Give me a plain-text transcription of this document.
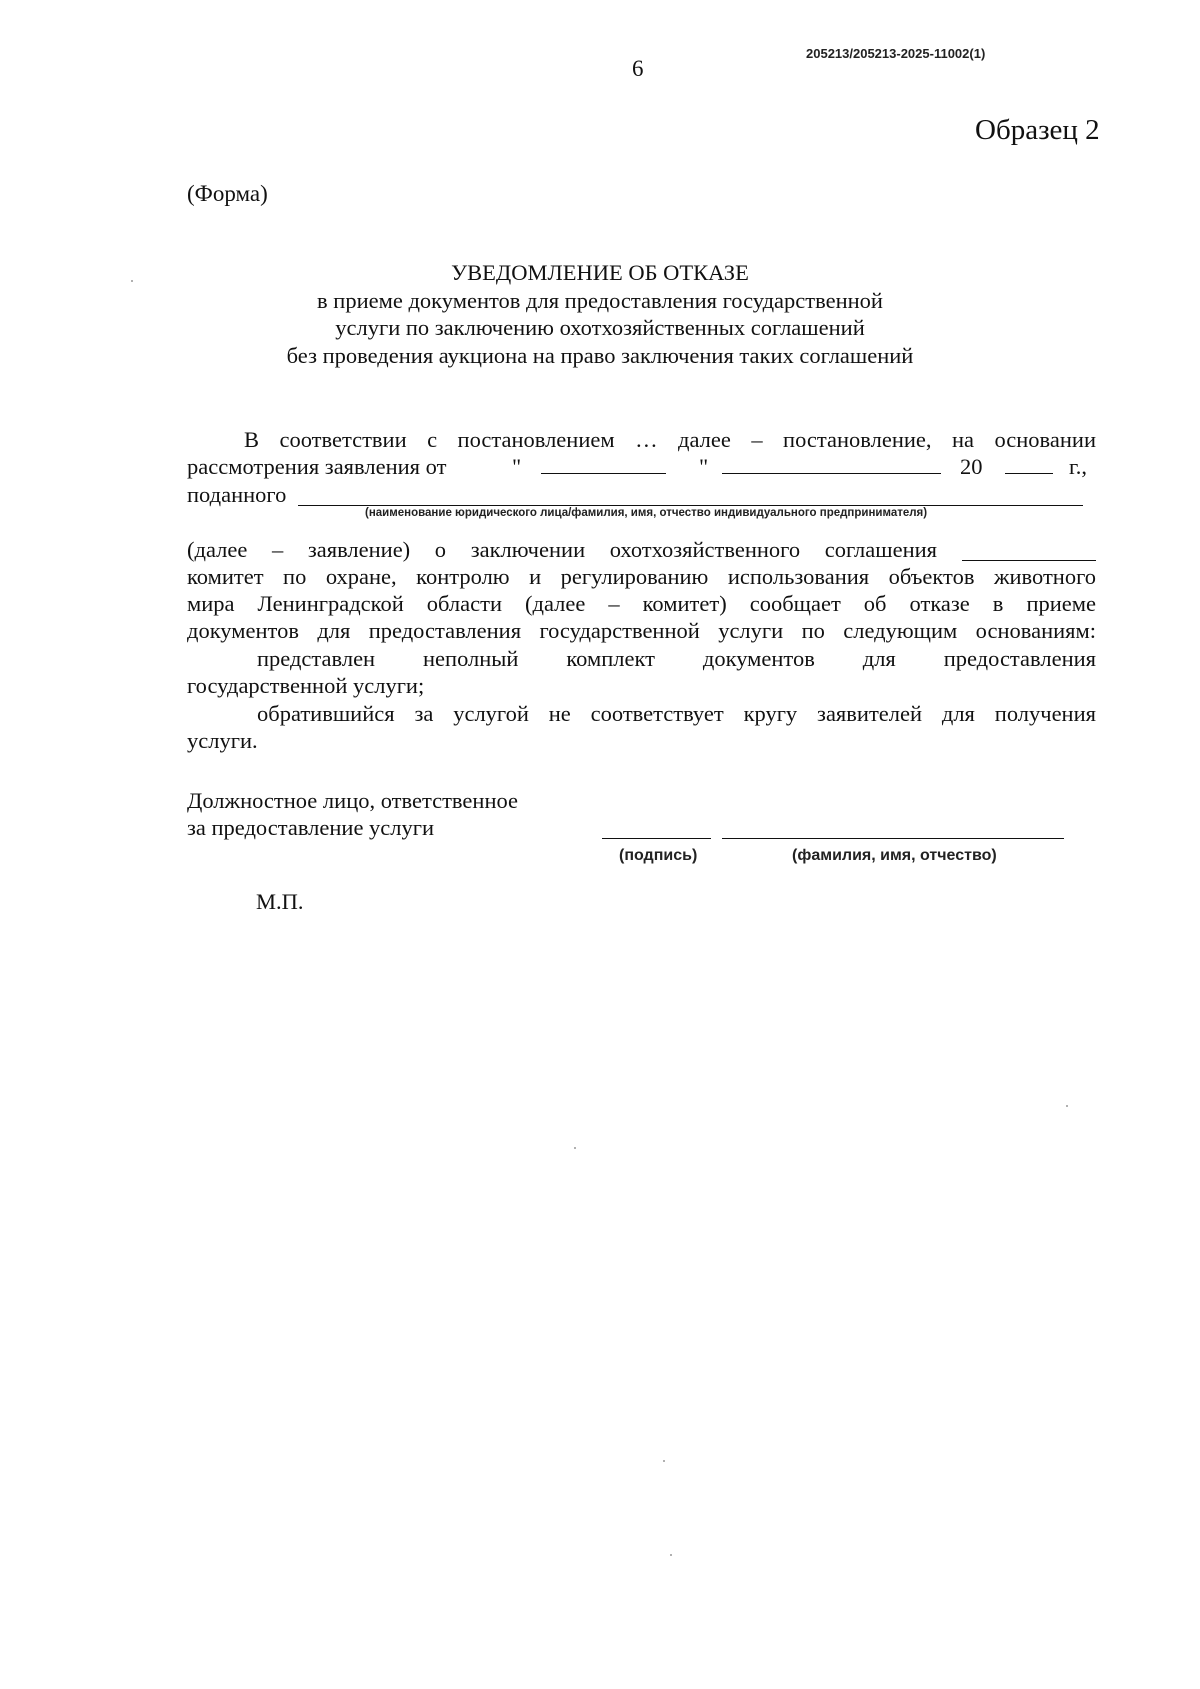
205213/205213-2025-11002(1)
6
Образец 2
(Форма)
УВЕДОМЛЕНИЕ ОБ ОТКАЗЕ
в приеме документов для предоставления государственной
услуги по заключению охотхозяйственных соглашений
без проведения аукциона на право заключения таких соглашений
В соответствии с постановлением … далее – постановление, на основании
рассмотрения заявления от	"	"	20	г.,
поданного
(наименование юридического лица/фамилия, имя, отчество индивидуального предпринимателя)
(далее – заявление) о заключении охотхозяйственного соглашения
комитет по охране, контролю и регулированию использования объектов животного
мира Ленинградской области (далее – комитет) сообщает об отказе в приеме
документов для предоставления государственной услуги по следующим основаниям:
представлен неполный комплект документов для предоставления
государственной услуги;
обратившийся за услугой не соответствует кругу заявителей для получения
услуги.
Должностное лицо, ответственное
за предоставление услуги
(подпись)	(фамилия, имя, отчество)
М.П.
